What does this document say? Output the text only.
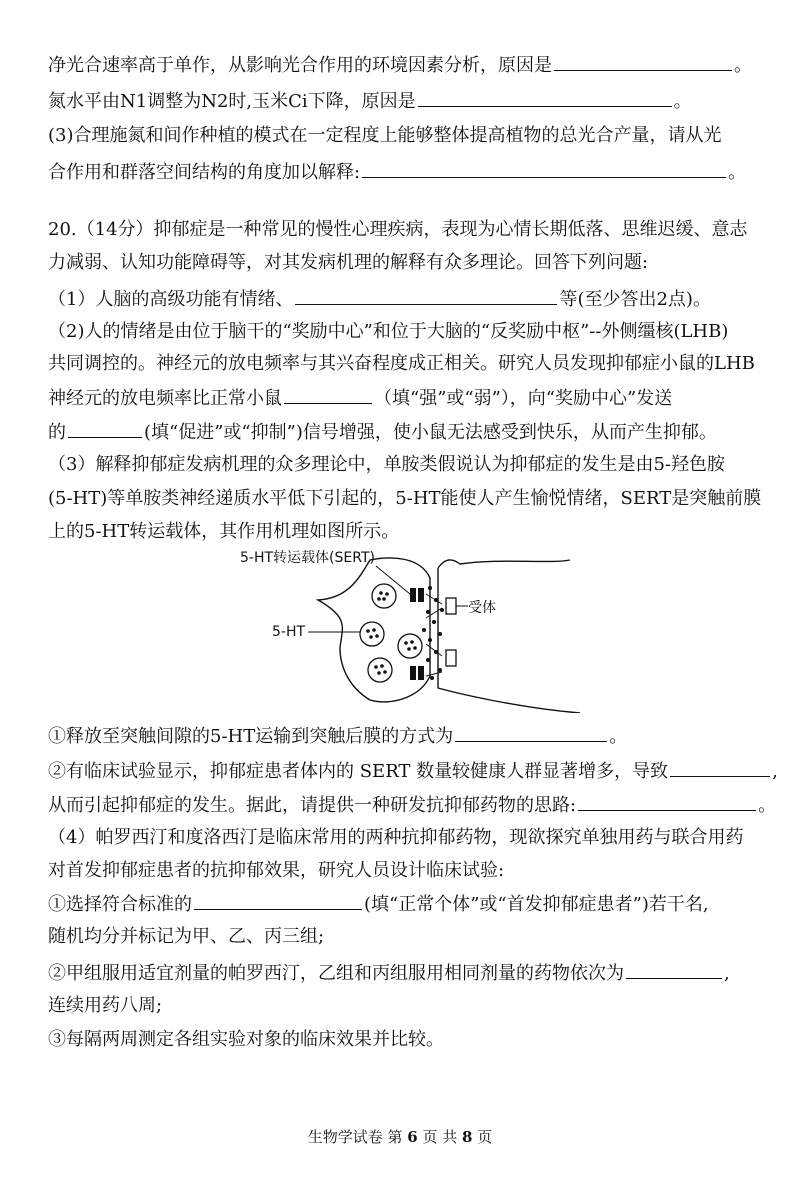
净光合速率高于单作，从影响光合作用的环境因素分析，原因是	。
氮水平由N1调整为N2时,玉米Ci下降，原因是	。
(3)合理施氮和间作种植的模式在一定程度上能够整体提高植物的总光合产量，请从光
合作用和群落空间结构的角度加以解释:	。
20.（14分）抑郁症是一种常见的慢性心理疾病，表现为心情长期低落、思维迟缓、意志
力减弱、认知功能障碍等，对其发病机理的解释有众多理论。回答下列问题:
（1）人脑的高级功能有情绪、	等(至少答出2点)。
（2)人的情绪是由位于脑干的“奖励中心”和位于大脑的“反奖励中枢”--外侧缰核(LHB)
共同调控的。神经元的放电频率与其兴奋程度成正相关。研究人员发现抑郁症小鼠的LHB
神经元的放电频率比正常小鼠	（填“强”或“弱”），向“奖励中心”发送
的	(填“促进”或“抑制”)信号增强，使小鼠无法感受到快乐，从而产生抑郁。
（3）解释抑郁症发病机理的众多理论中，单胺类假说认为抑郁症的发生是由5-羟色胺
(5-HT)等单胺类神经递质水平低下引起的，5-HT能使人产生愉悦情绪，SERT是突触前膜
上的5-HT转运载体，其作用机理如图所示。
5-HT转运载体(SERT)
5-HT
受体
①释放至突触间隙的5-HT运输到突触后膜的方式为	。
②有临床试验显示，抑郁症患者体内的 SERT 数量较健康人群显著增多，导致	,
从而引起抑郁症的发生。据此，请提供一种研发抗抑郁药物的思路:	。
（4）帕罗西汀和度洛西汀是临床常用的两种抗抑郁药物，现欲探究单独用药与联合用药
对首发抑郁症患者的抗抑郁效果，研究人员设计临床试验:
①选择符合标准的	(填“正常个体”或“首发抑郁症患者”)若干名,
随机均分并标记为甲、乙、丙三组;
②甲组服用适宜剂量的帕罗西汀，乙组和丙组服用相同剂量的药物依次为	,
连续用药八周;
③每隔两周测定各组实验对象的临床效果并比较。
生物学试卷 第 6 页 共 8 页
